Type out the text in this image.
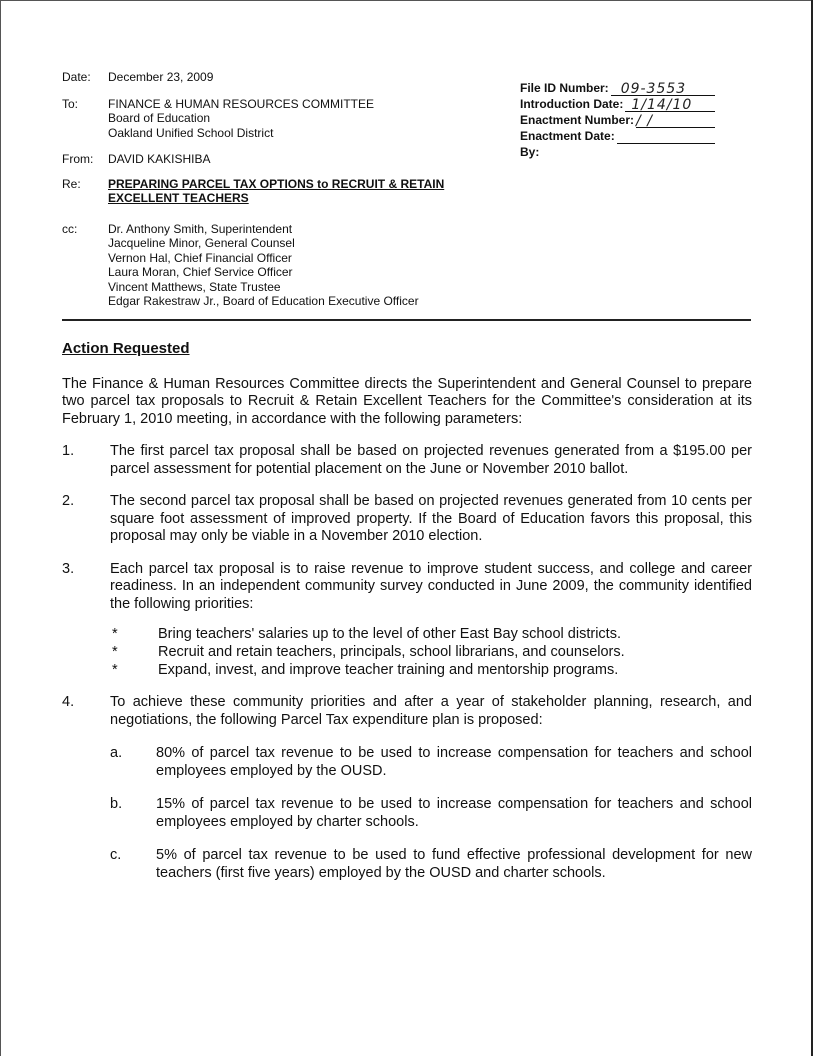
Date:	December 23, 2009
To:	FINANCE & HUMAN RESOURCES COMMITTEE
Board of Education
Oakland Unified School District
From:	DAVID KAKISHIBA
Re:	PREPARING PARCEL TAX OPTIONS to RECRUIT & RETAIN EXCELLENT TEACHERS
cc:	Dr. Anthony Smith, Superintendent
Jacqueline Minor, General Counsel
Vernon Hal, Chief Financial Officer
Laura Moran, Chief Service Officer
Vincent Matthews, State Trustee
Edgar Rakestraw Jr., Board of Education Executive Officer
File ID Number: 09-3553
Introduction Date: 1/14/10
Enactment Number: / /
Enactment Date:
By:
Action Requested

The Finance & Human Resources Committee directs the Superintendent and General Counsel to prepare two parcel tax proposals to Recruit & Retain Excellent Teachers for the Committee's consideration at its February 1, 2010 meeting, in accordance with the following parameters:

1.	The first parcel tax proposal shall be based on projected revenues generated from a $195.00 per parcel assessment for potential placement on the June or November 2010 ballot.
2.	The second parcel tax proposal shall be based on projected revenues generated from 10 cents per square foot assessment of improved property. If the Board of Education favors this proposal, this proposal may only be viable in a November 2010 election.
3.	Each parcel tax proposal is to raise revenue to improve student success, and college and career readiness. In an independent community survey conducted in June 2009, the community identified the following priorities:
*	Bring teachers' salaries up to the level of other East Bay school districts.
*	Recruit and retain teachers, principals, school librarians, and counselors.
*	Expand, invest, and improve teacher training and mentorship programs.
4.	To achieve these community priorities and after a year of stakeholder planning, research, and negotiations, the following Parcel Tax expenditure plan is proposed:
a.	80% of parcel tax revenue to be used to increase compensation for teachers and school employees employed by the OUSD.
b.	15% of parcel tax revenue to be used to increase compensation for teachers and school employees employed by charter schools.
c.	5% of parcel tax revenue to be used to fund effective professional development for new teachers (first five years) employed by the OUSD and charter schools.
